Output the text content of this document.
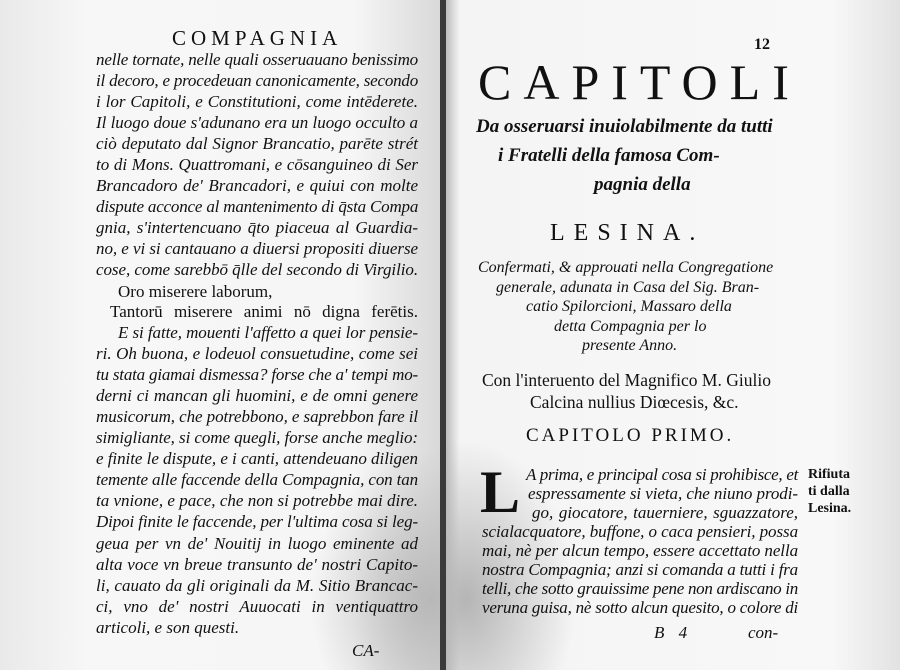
COMPAGNIA
nelle tornate, nelle quali osseruauano benissimo
il decoro, e procedeuan canonicamente, secondo
i lor Capitoli, e Constitutioni, come intēderete.
Il luogo doue s'adunano era un luogo occulto a
ciò deputato dal Signor Brancatio, parēte strét
to di Mons. Quattromani, e cōsanguineo di Ser
Brancadoro de' Brancadori, e quiui con molte
dispute acconce al mantenimento di q̄sta Compa
gnia, s'intertencuano q̄to piaceua al Guardia-
no, e vi si cantauano a diuersi propositi diuerse
cose, come sarebbō q̄lle del secondo di Virgilio.
Oro miserere laborum,
Tantorū miserere animi nō digna ferētis.
E si fatte, mouenti l'affetto a quei lor pensie-
ri. Oh buona, e lodeuol consuetudine, come sei
tu stata giamai dismessa? forse che a' tempi mo-
derni ci mancan gli huomini, e de omni genere
musicorum, che potrebbono, e saprebbon fare il
simigliante, si come quegli, forse anche meglio:
e finite le dispute, e i canti, attendeuano diligen
temente alle faccende della Compagnia, con tan
ta vnione, e pace, che non si potrebbe mai dire.
Dipoi finite le faccende, per l'ultima cosa si leg-
geua per vn de' Nouitij in luogo eminente ad
alta voce vn breue transunto de' nostri Capito-
li, cauato da gli originali da M. Sitio Brancac-
ci, vno de' nostri Auuocati in ventiquattro
articoli, e son questi.
CA-
12
CAPITOLI
Da osseruarsi inuiolabilmente da tutti
i Fratelli della famosa Com-
pagnia della
LESINA.
Confermati, & approuati nella Congregatione
generale, adunata in Casa del Sig. Bran-
catio Spilorcioni, Massaro della
detta Compagnia per lo
presente Anno.
Con l'interuento del Magnifico M. Giulio
Calcina nullius Diœcesis, &c.
CAPITOLO PRIMO.
L A prima, e principal cosa si prohibisce, et
espressamente si vieta, che niuno prodi-
go, giocatore, tauerniere, sguazzatore,
scialacquatore, buffone, o caca pensieri, possa
mai, nè per alcun tempo, essere accettato nella
nostra Compagnia; anzi si comanda a tutti i fra
telli, che sotto grauissime pene non ardiscano in
veruna guisa, nè sotto alcun quesito, o colore di
Rifiuta
ti dalla
Lesina.
B 4	con-
